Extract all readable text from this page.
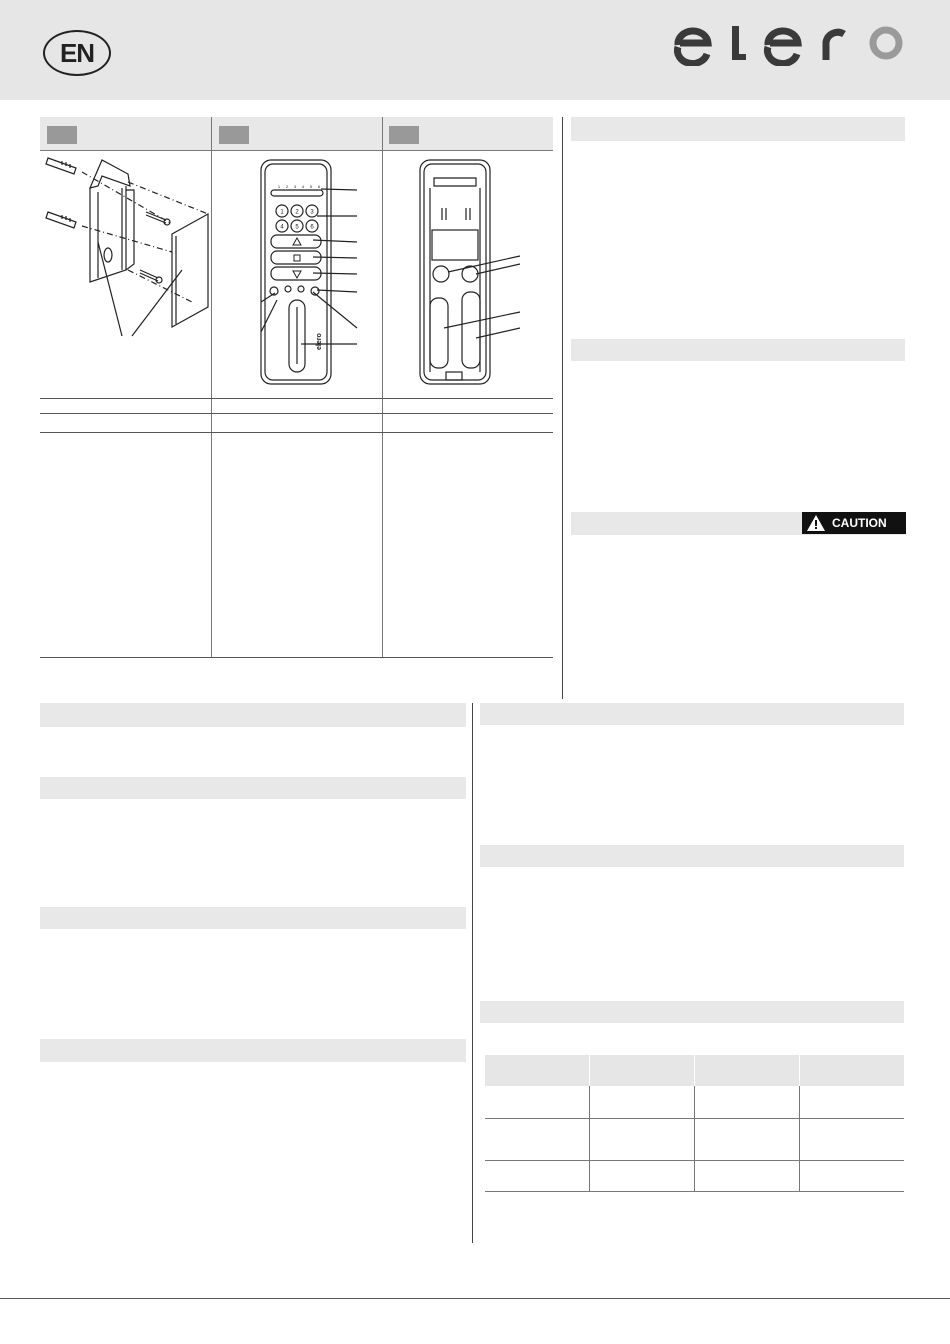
EN
1 2 3
4 5 6
1 2 3 4 5 6
elero
CAUTION
